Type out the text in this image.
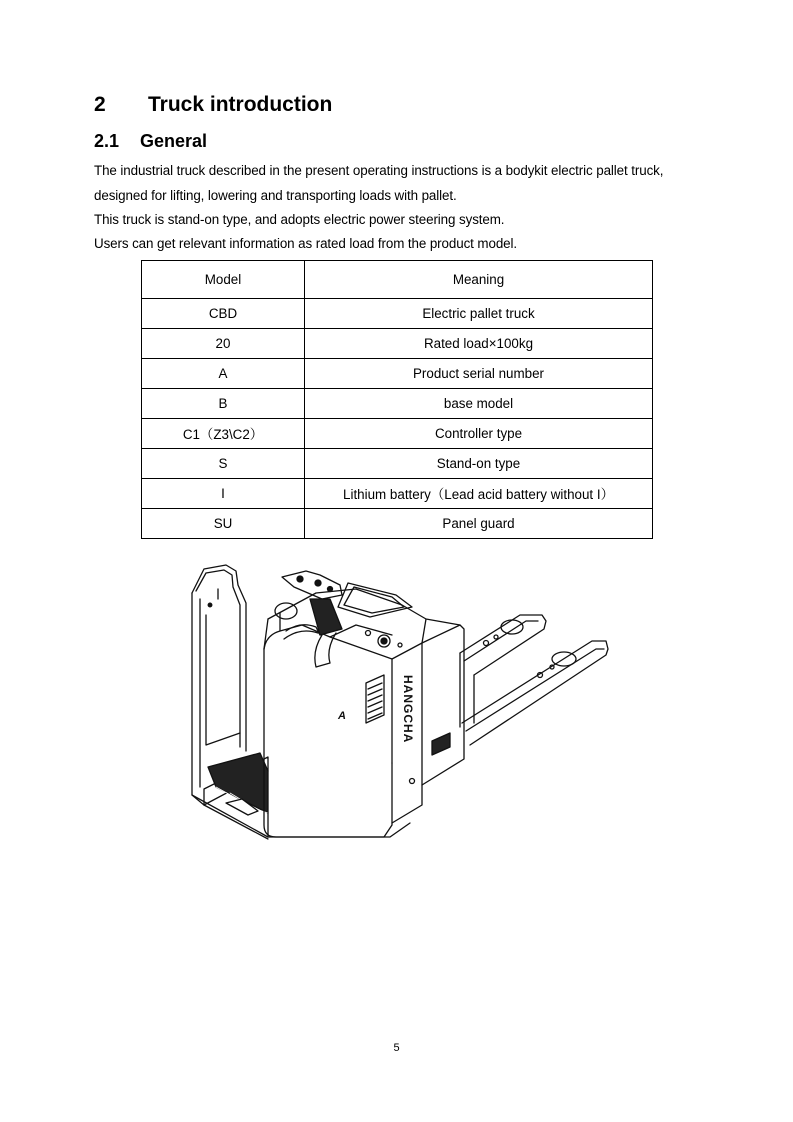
2 Truck introduction
2.1 General

The industrial truck described in the present operating instructions is a bodykit electric pallet truck,

designed for lifting, lowering and transporting loads with pallet.

This truck is stand-on type, and adopts electric power steering system.

Users can get relevant information as rated load from the product model.

Model	Meaning
CBD	Electric pallet truck
20	Rated load×100kg
A	Product serial number
B	base model
C1（Z3\C2）	Controller type
S	Stand-on type
I	Lithium battery（Lead acid battery without I）
SU	Panel guard
A	HANGCHA
5
